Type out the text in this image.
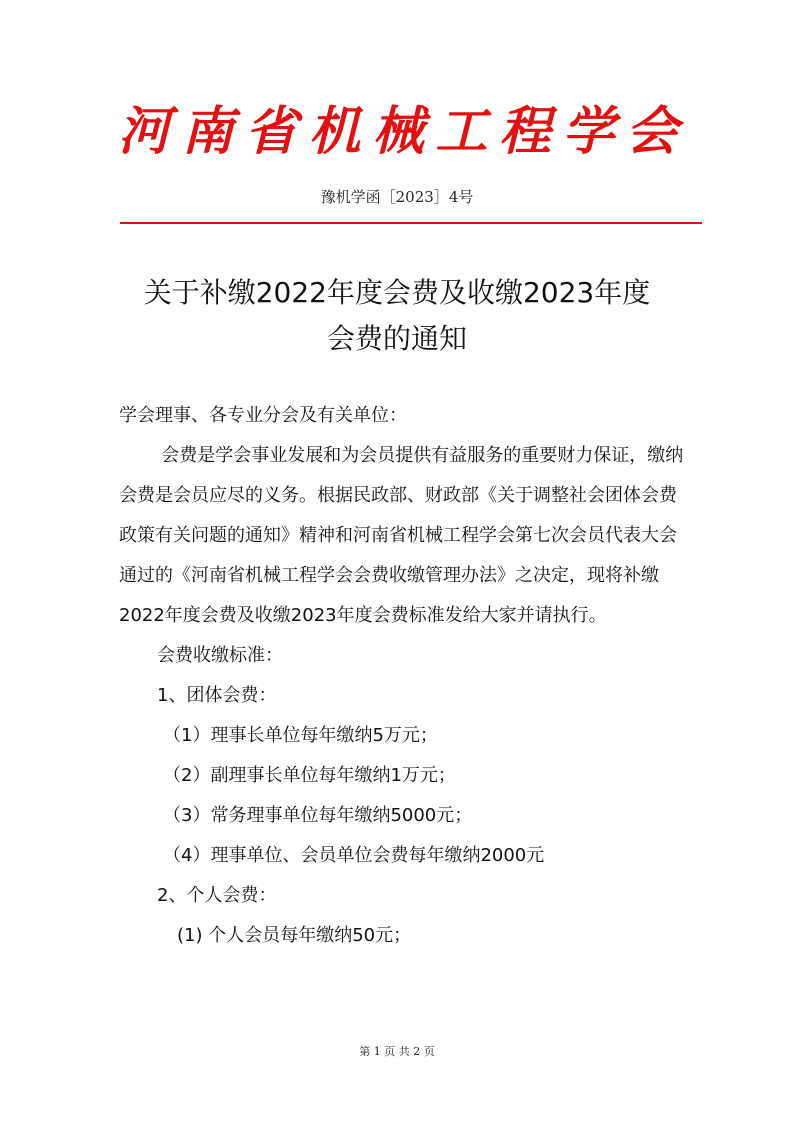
河 南 省 机 械 工 程 学 会
豫机学函［2023］4号
关于补缴2022年度会费及收缴2023年度
会费的通知

学会理事、各专业分会及有关单位：

会费是学会事业发展和为会员提供有益服务的重要财力保证，缴纳会费是会员应尽的义务。根据民政部、财政部《关于调整社会团体会费政策有关问题的通知》精神和河南省机械工程学会第七次会员代表大会通过的《河南省机械工程学会会费收缴管理办法》之决定，现将补缴2022年度会费及收缴2023年度会费标准发给大家并请执行。

会费收缴标准：

1、团体会费：

（1）理事长单位每年缴纳5万元；

（2）副理事长单位每年缴纳1万元；

（3）常务理事单位每年缴纳5000元；

（4）理事单位、会员单位会费每年缴纳2000元

2、个人会费：

(1) 个人会员每年缴纳50元；

第 1 页 共 2 页
